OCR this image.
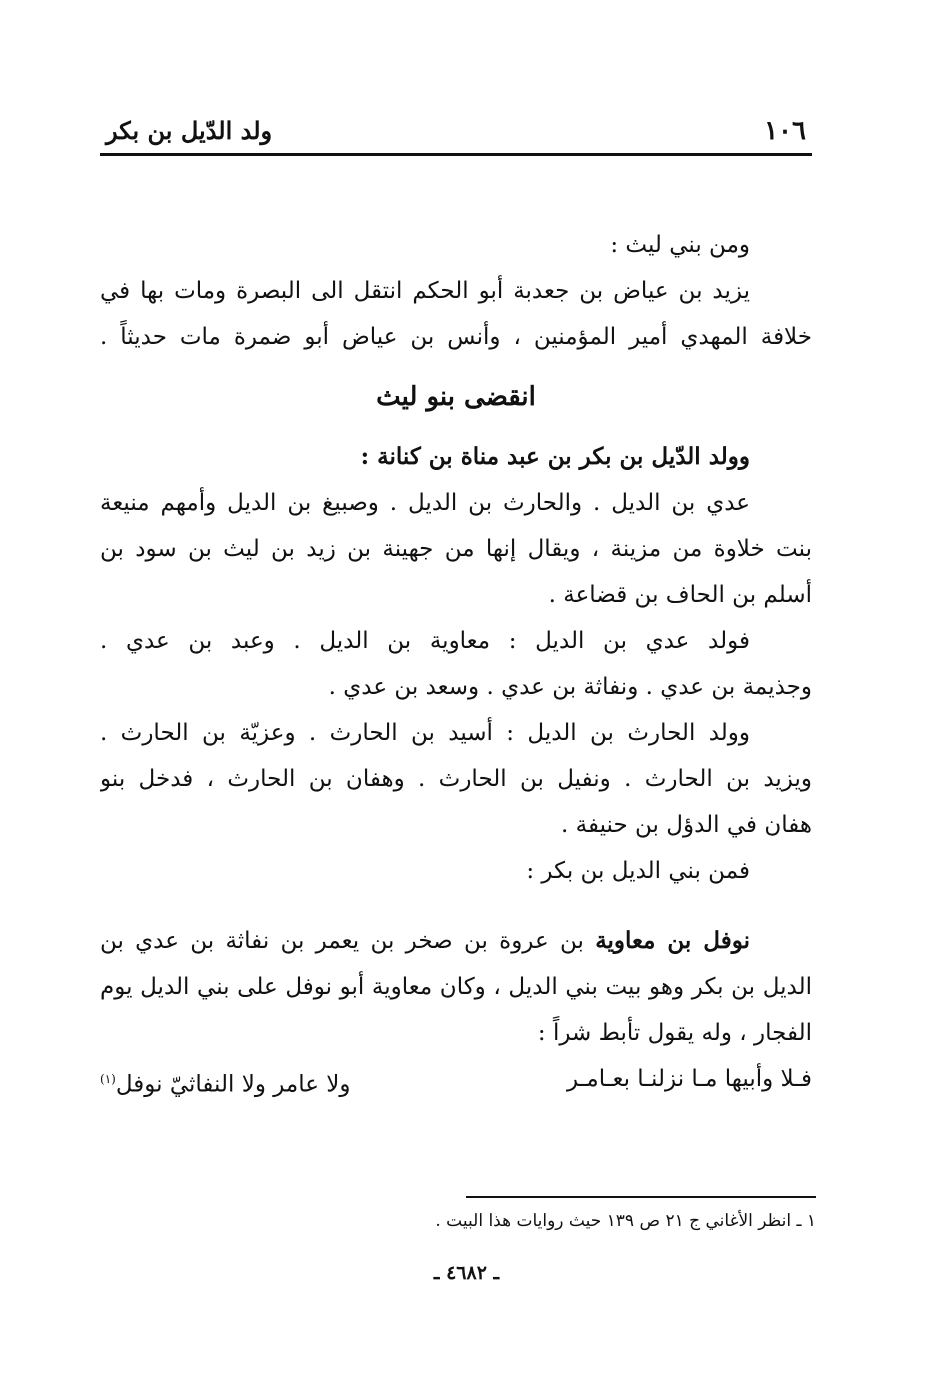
١٠٦
ولد الدّيل بن بكر
ومن بني ليث :
يزيد بن عياض بن جعدبة أبو الحكم انتقل الى البصرة ومات بها في
خلافة المهدي أمير المؤمنين ، وأنس بن عياض أبو ضمرة مات حديثاً .
انقضى بنو ليث
وولد الدّيل بن بكر بن عبد مناة بن كنانة :
عدي بن الديل . والحارث بن الديل . وصبيغ بن الديل وأمهم منيعة
بنت خلاوة من مزينة ، ويقال إنها من جهينة بن زيد بن ليث بن سود بن
أسلم بن الحاف بن قضاعة .
فولد عدي بن الديل : معاوية بن الديل . وعبد بن عدي .
وجذيمة بن عدي . ونفاثة بن عدي . وسعد بن عدي .
وولد الحارث بن الديل : أسيد بن الحارث . وعزيّة بن الحارث .
ويزيد بن الحارث . ونفيل بن الحارث . وهفان بن الحارث ، فدخل بنو
هفان في الدؤل بن حنيفة .
فمن بني الديل بن بكر :
نوفل بن معاوية بن عروة بن صخر بن يعمر بن نفاثة بن عدي بن
الديل بن بكر وهو بيت بني الديل ، وكان معاوية أبو نوفل على بني الديل يوم
الفجار ، وله يقول تأبط شراً :
فـلا وأبيها مـا نزلنـا بعـامـر
ولا عامر ولا النفاثيّ نوفل$^{(١)}$
١ ـ انظر الأغاني ج ٢١ ص ١٣٩ حيث روايات هذا البيت .
ـ ٤٦٨٢ ـ
